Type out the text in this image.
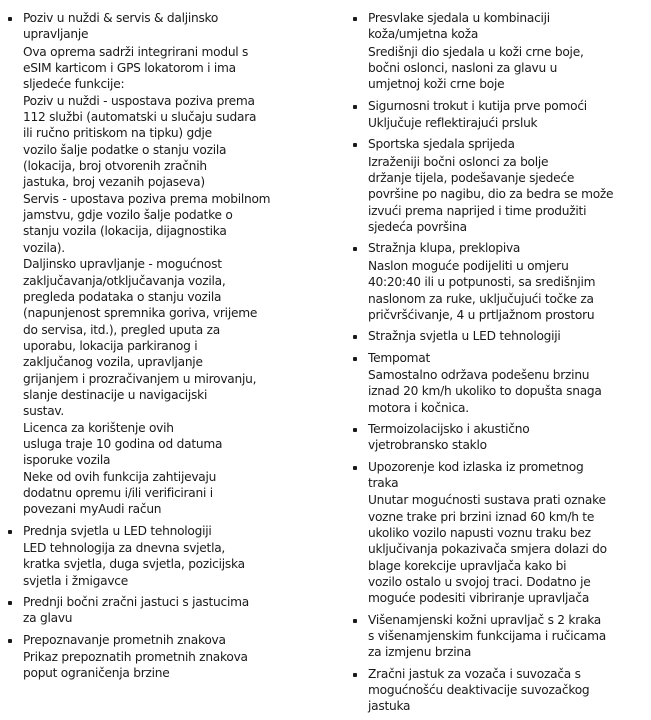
Poziv u nuždi & servis & daljinsko
upravljanje
Ova oprema sadrži integrirani modul s
eSIM karticom i GPS lokatorom i ima
sljedeće funkcije:
Poziv u nuždi - uspostava poziva prema
112 službi (automatski u slučaju sudara
ili ručno pritiskom na tipku) gdje
vozilo šalje podatke o stanju vozila
(lokacija, broj otvorenih zračnih
jastuka, broj vezanih pojaseva)
Servis - upostava poziva prema mobilnom
jamstvu, gdje vozilo šalje podatke o
stanju vozila (lokacija, dijagnostika
vozila).
Daljinsko upravljanje - mogućnost
zaključavanja/otključavanja vozila,
pregleda podataka o stanju vozila
(napunjenost spremnika goriva, vrijeme
do servisa, itd.), pregled uputa za
uporabu, lokacija parkiranog i
zaključanog vozila, upravljanje
grijanjem i prozračivanjem u mirovanju,
slanje destinacije u navigacijski
sustav.
Licenca za korištenje ovih
usluga traje 10 godina od datuma
isporuke vozila
Neke od ovih funkcija zahtijevaju
dodatnu opremu i/ili verificirani i
povezani myAudi račun
Prednja svjetla u LED tehnologiji
LED tehnologija za dnevna svjetla,
kratka svjetla, duga svjetla, pozicijska
svjetla i žmigavce
Prednji bočni zračni jastuci s jastucima
za glavu
Prepoznavanje prometnih znakova
Prikaz prepoznatih prometnih znakova
poput ograničenja brzine
Presvlake sjedala u kombinaciji
koža/umjetna koža
Središnji dio sjedala u koži crne boje,
bočni oslonci, nasloni za glavu u
umjetnoj koži crne boje
Sigurnosni trokut i kutija prve pomoći
Uključuje reflektirajući prsluk
Sportska sjedala sprijeda
Izraženiji bočni oslonci za bolje
držanje tijela, podešavanje sjedeće
površine po nagibu, dio za bedra se može
izvući prema naprijed i time produžiti
sjedeća površina
Stražnja klupa, preklopiva
Naslon moguće podijeliti u omjeru
40:20:40 ili u potpunosti, sa središnjim
naslonom za ruke, uključujući točke za
pričvršćivanje, 4 u prtljažnom prostoru
Stražnja svjetla u LED tehnologiji
Tempomat
Samostalno održava podešenu brzinu
iznad 20 km/h ukoliko to dopušta snaga
motora i kočnica.
Termoizolacijsko i akustično
vjetrobransko staklo
Upozorenje kod izlaska iz prometnog
traka
Unutar mogućnosti sustava prati oznake
vozne trake pri brzini iznad 60 km/h te
ukoliko vozilo napusti voznu traku bez
uključivanja pokazivača smjera dolazi do
blage korekcije upravljača kako bi
vozilo ostalo u svojoj traci. Dodatno je
moguće podesiti vibriranje upravljača
Višenamjenski kožni upravljač s 2 kraka
s višenamjenskim funkcijama i ručicama
za izmjenu brzina
Zračni jastuk za vozača i suvozača s
mogućnošću deaktivacije suvozačkog
jastuka
